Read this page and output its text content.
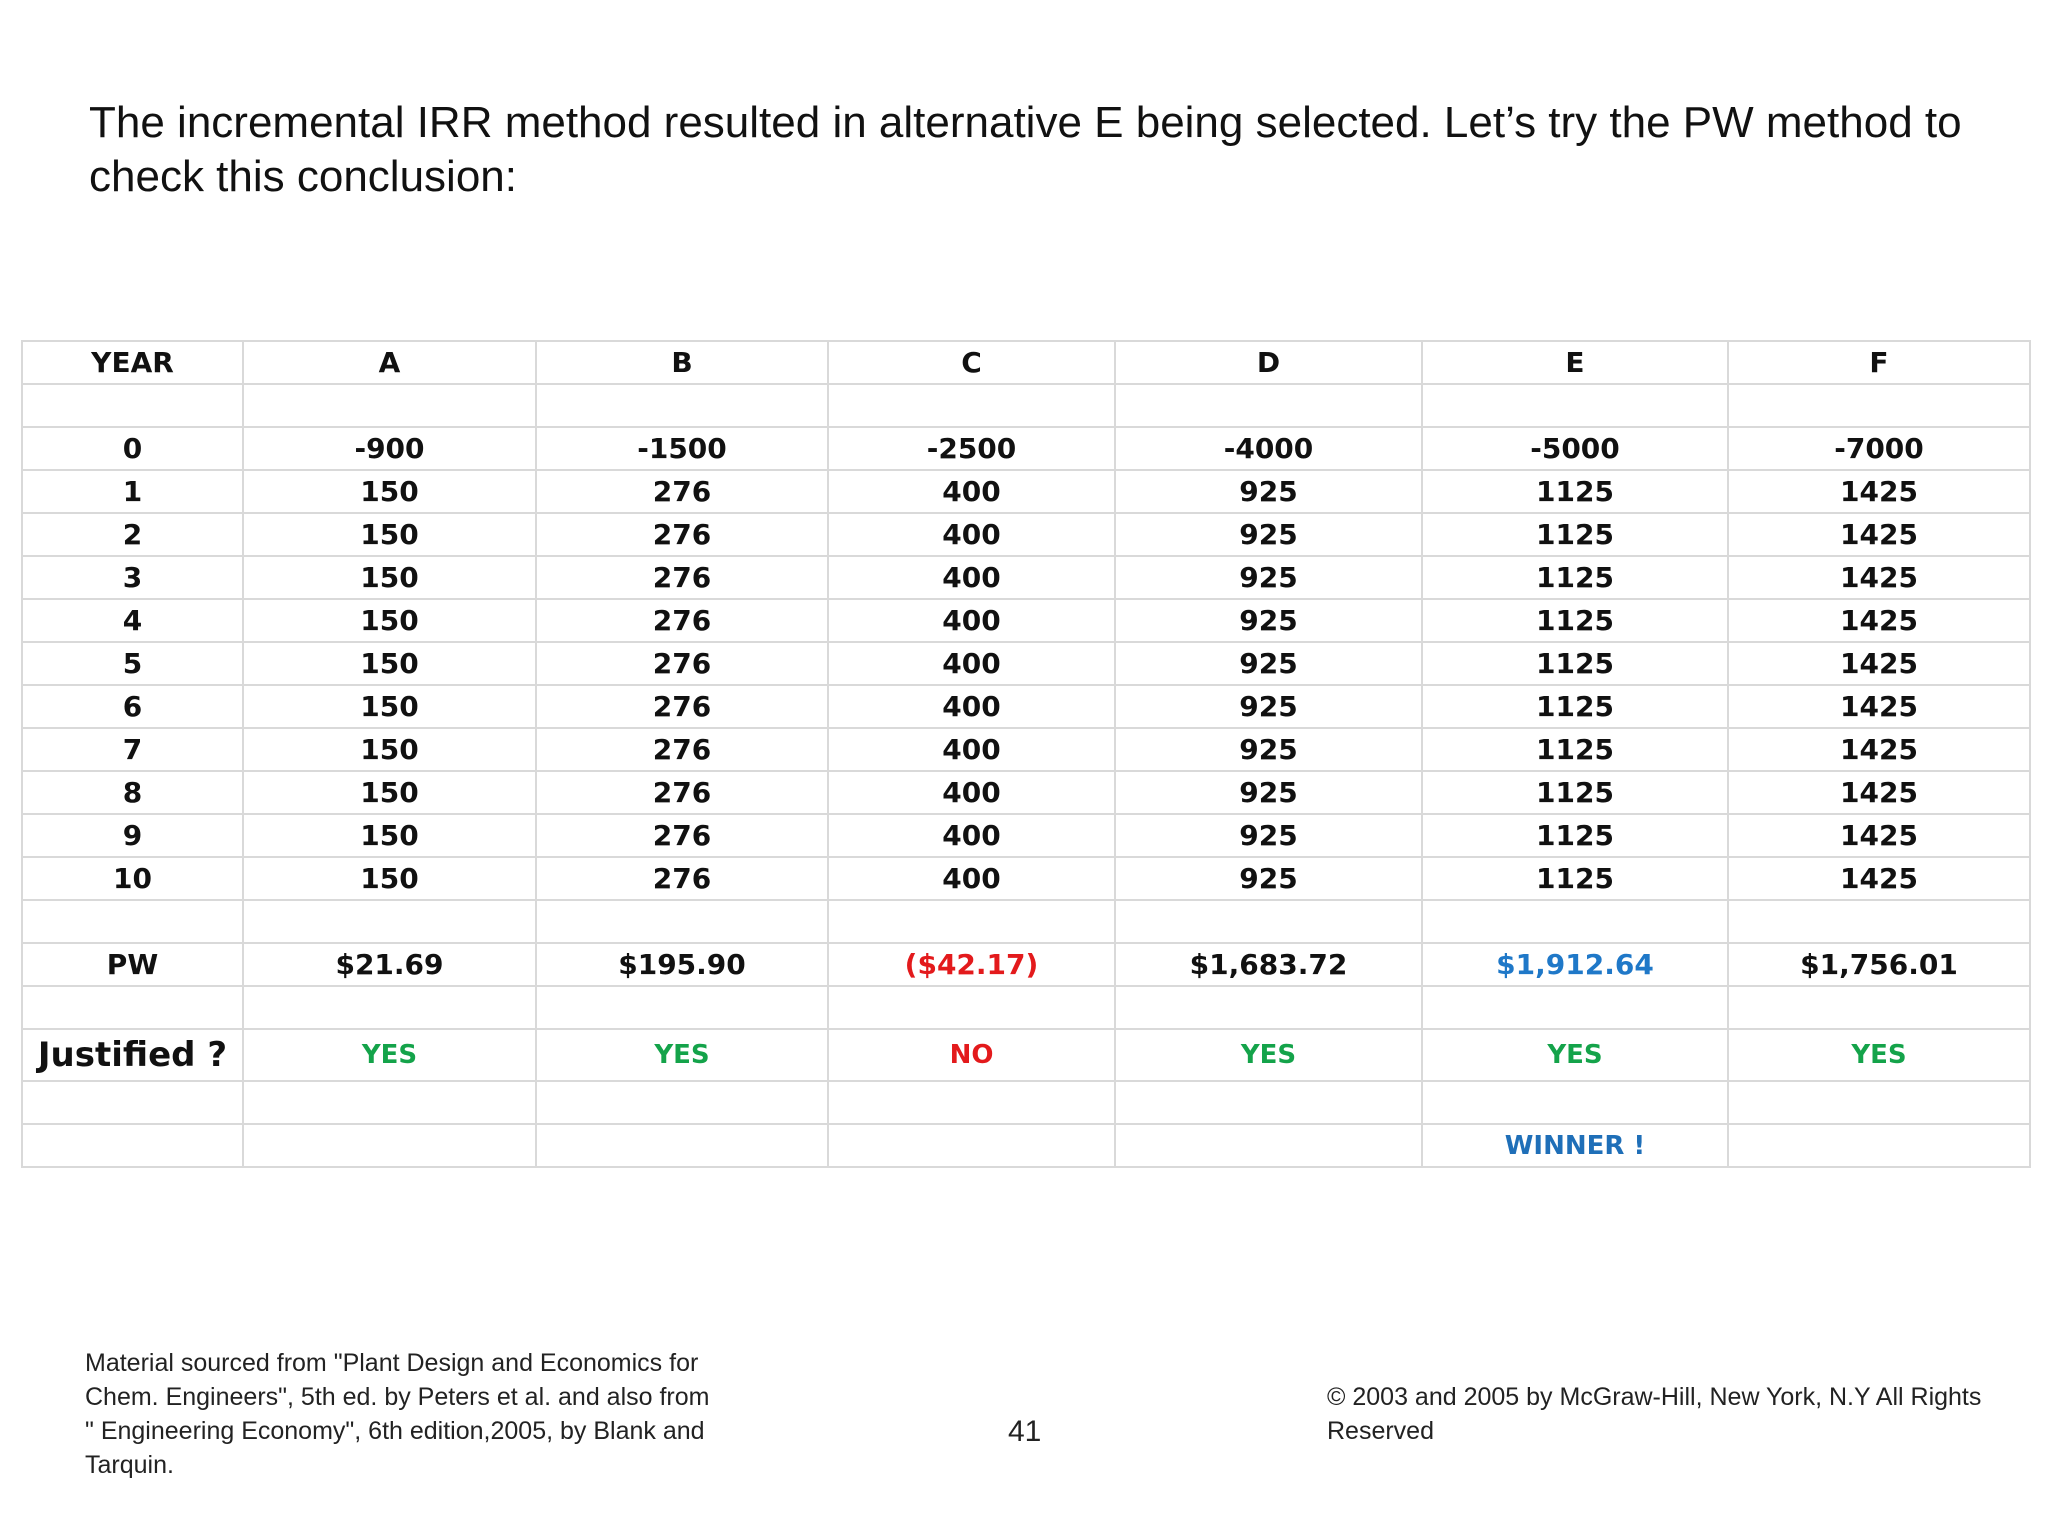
The incremental IRR method resulted in alternative E being selected. Let’s try the PW method to check this conclusion:
YEAR	A	B	C	D	E	F

0	-900	-1500	-2500	-4000	-5000	-7000
1	150	276	400	925	1125	1425
2	150	276	400	925	1125	1425
3	150	276	400	925	1125	1425
4	150	276	400	925	1125	1425
5	150	276	400	925	1125	1425
6	150	276	400	925	1125	1425
7	150	276	400	925	1125	1425
8	150	276	400	925	1125	1425
9	150	276	400	925	1125	1425
10	150	276	400	925	1125	1425

PW	$21.69	$195.90	($42.17)	$1,683.72	$1,912.64	$1,756.01

Justified ?	YES	YES	NO	YES	YES	YES

					WINNER !	
Material sourced from "Plant Design and Economics for Chem. Engineers", 5th ed. by Peters et al. and also from " Engineering Economy", 6th edition,2005, by Blank and Tarquin.
41
© 2003 and 2005 by McGraw-Hill, New York, N.Y All Rights Reserved
